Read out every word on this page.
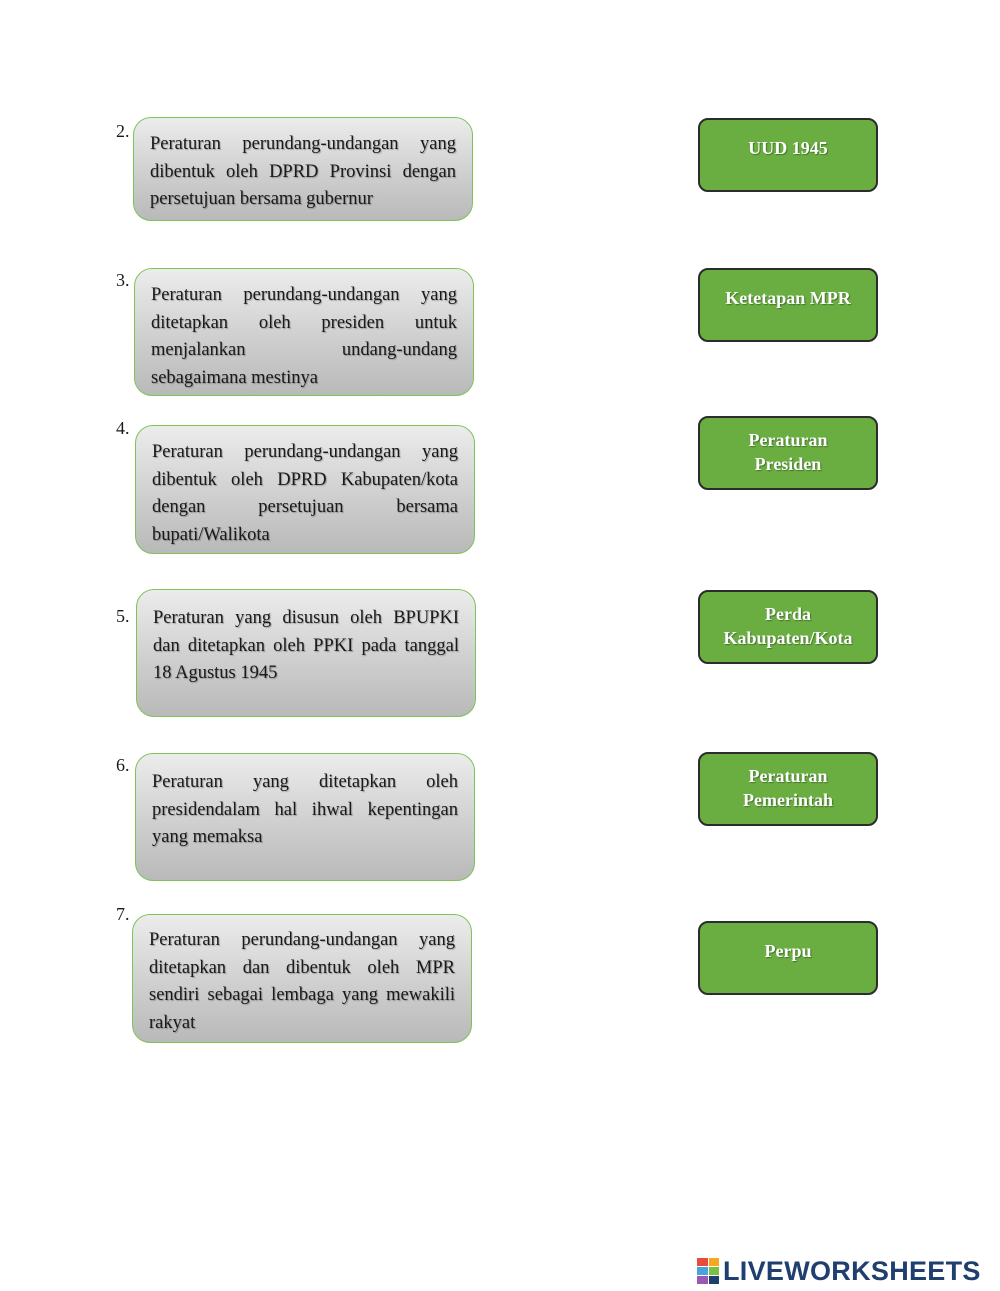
2.
Peraturan perundang-undangan yang dibentuk oleh DPRD Provinsi dengan persetujuan bersama gubernur
3.
Peraturan perundang-undangan yang ditetapkan oleh presiden untuk menjalankan undang-undang sebagaimana mestinya
4.
Peraturan perundang-undangan yang dibentuk oleh DPRD Kabupaten/kota dengan persetujuan bersama bupati/Walikota
5.	Peraturan yang disusun oleh BPUPKI dan ditetapkan oleh PPKI pada tanggal 18 Agustus 1945
6.
Peraturan yang ditetapkan oleh presidendalam hal ihwal kepentingan yang memaksa
7.
Peraturan perundang-undangan yang ditetapkan dan dibentuk oleh MPR sendiri sebagai lembaga yang mewakili rakyat
UUD 1945
Ketetapan MPR
Peraturan Presiden
Perda Kabupaten/Kota
Peraturan Pemerintah
Perpu
LIVEWORKSHEETS
